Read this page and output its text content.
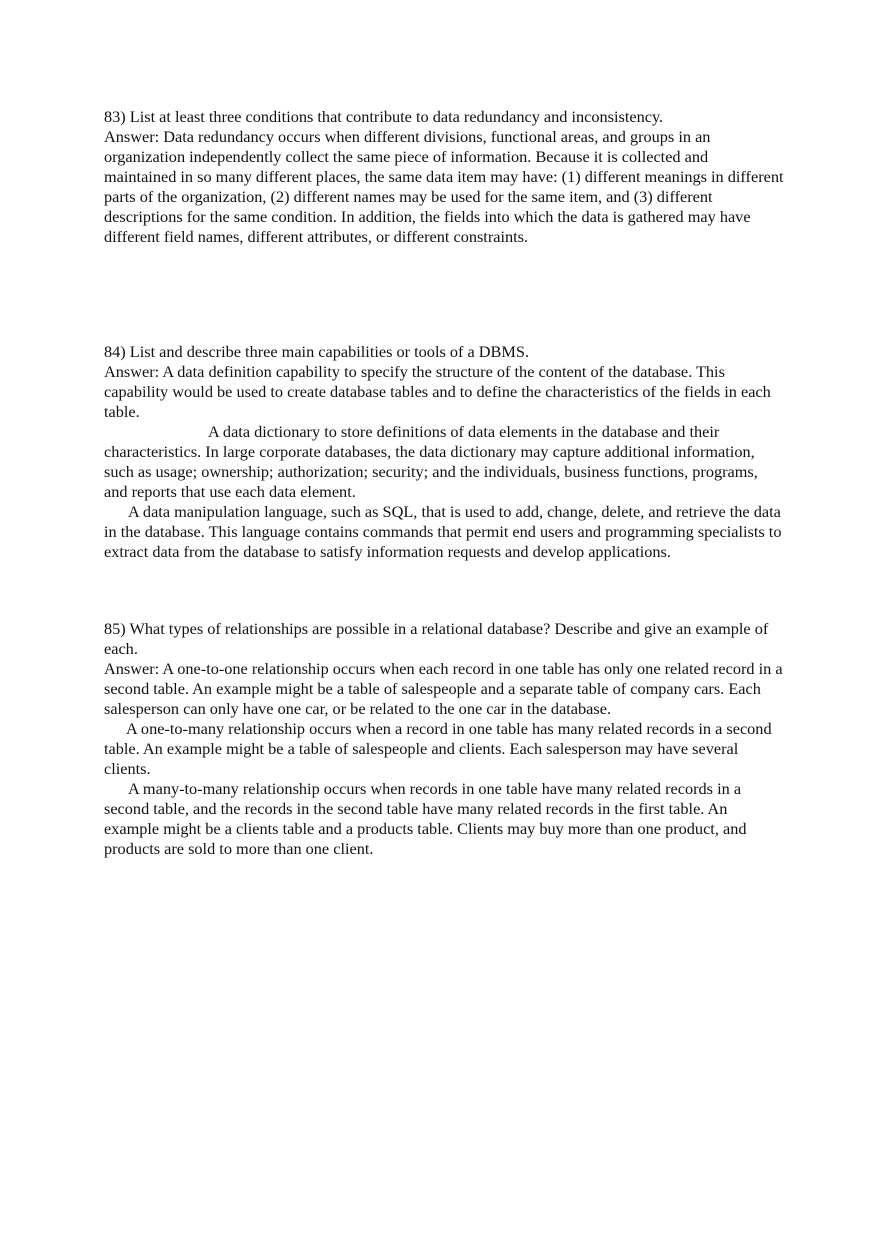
83) List at least three conditions that contribute to data redundancy and inconsistency.

Answer: Data redundancy occurs when different divisions, functional areas, and groups in an organization independently collect the same piece of information. Because it is collected and maintained in so many different places, the same data item may have: (1) different meanings in different parts of the organization, (2) different names may be used for the same item, and (3) different descriptions for the same condition. In addition, the fields into which the data is gathered may have different field names, different attributes, or different constraints.

84) List and describe three main capabilities or tools of a DBMS.

Answer: A data definition capability to specify the structure of the content of the database. This capability would be used to create database tables and to define the characteristics of the fields in each table.

A data dictionary to store definitions of data elements in the database and their characteristics. In large corporate databases, the data dictionary may capture additional information, such as usage; ownership; authorization; security; and the individuals, business functions, programs, and reports that use each data element.

A data manipulation language, such as SQL, that is used to add, change, delete, and retrieve the data in the database. This language contains commands that permit end users and programming specialists to extract data from the database to satisfy information requests and develop applications.

85) What types of relationships are possible in a relational database? Describe and give an example of each.

Answer: A one-to-one relationship occurs when each record in one table has only one related record in a second table. An example might be a table of salespeople and a separate table of company cars. Each salesperson can only have one car, or be related to the one car in the database.

A one-to-many relationship occurs when a record in one table has many related records in a second table. An example might be a table of salespeople and clients. Each salesperson may have several clients.

A many-to-many relationship occurs when records in one table have many related records in a second table, and the records in the second table have many related records in the first table. An example might be a clients table and a products table. Clients may buy more than one product, and products are sold to more than one client.
